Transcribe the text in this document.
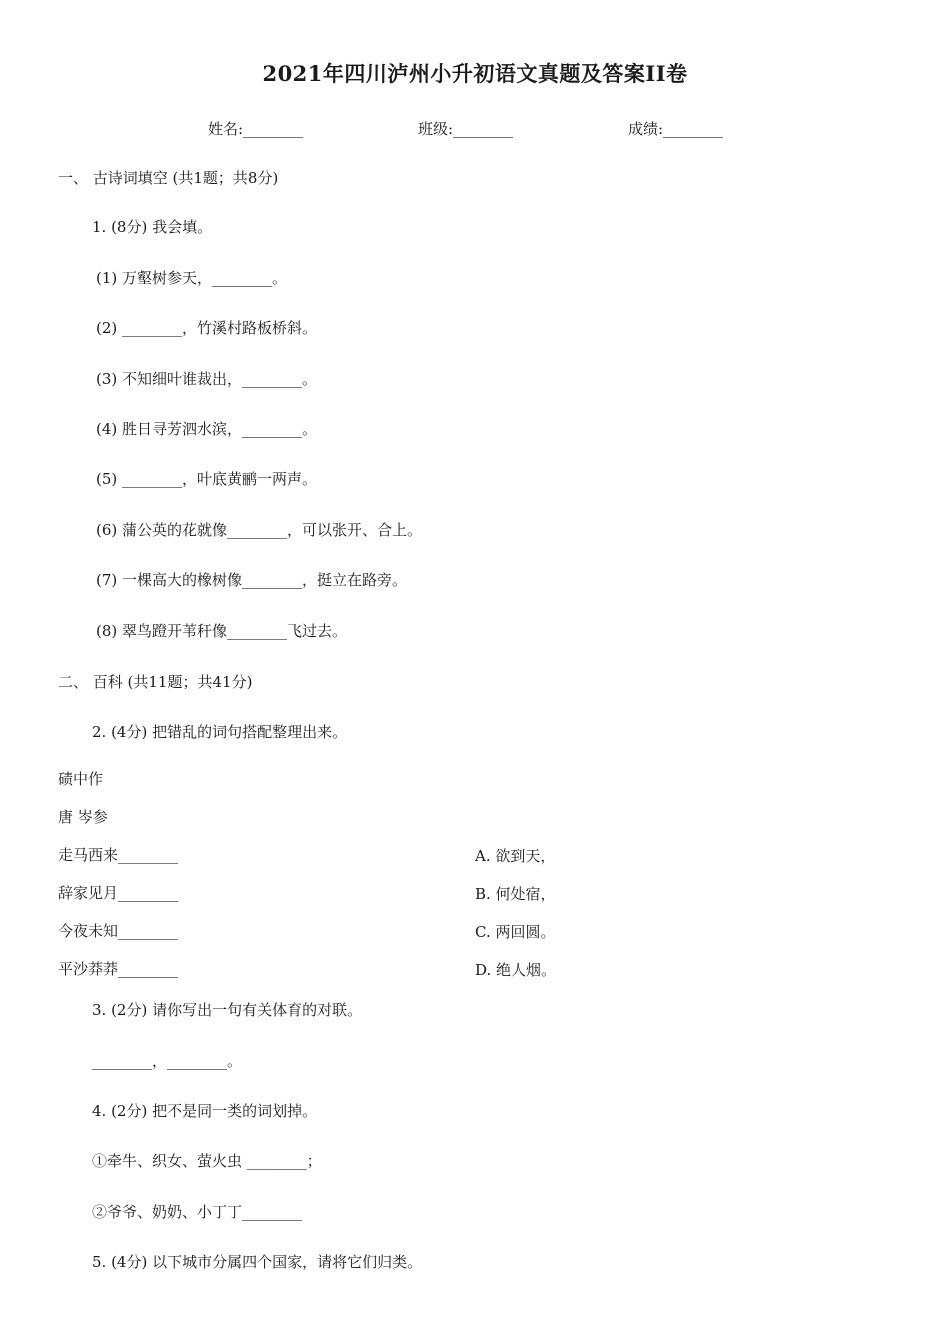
2021年四川泸州小升初语文真题及答案II卷
姓名:________	班级:________	成绩:________
一、 古诗词填空 (共1题；共8分)
1. (8分) 我会填。
(1) 万壑树参天，________。
(2) ________，竹溪村路板桥斜。
(3) 不知细叶谁裁出，________。
(4) 胜日寻芳泗水滨，________。
(5) ________，叶底黄鹂一两声。
(6) 蒲公英的花就像________，可以张开、合上。
(7) 一棵高大的橡树像________，挺立在路旁。
(8) 翠鸟蹬开苇秆像________飞过去。
二、 百科 (共11题；共41分)
2. (4分) 把错乱的词句搭配整理出来。
碛中作
唐 岑参
走马西来________
辞家见月________
今夜未知________
平沙莽莽________
A. 欲到天，
B. 何处宿，
C. 两回圆。
D. 绝人烟。
3. (2分) 请你写出一句有关体育的对联。
________，________。
4. (2分) 把不是同一类的词划掉。
①牵牛、织女、萤火虫 ________；
②爷爷、奶奶、小丁丁________
5. (4分) 以下城市分属四个国家，请将它们归类。
